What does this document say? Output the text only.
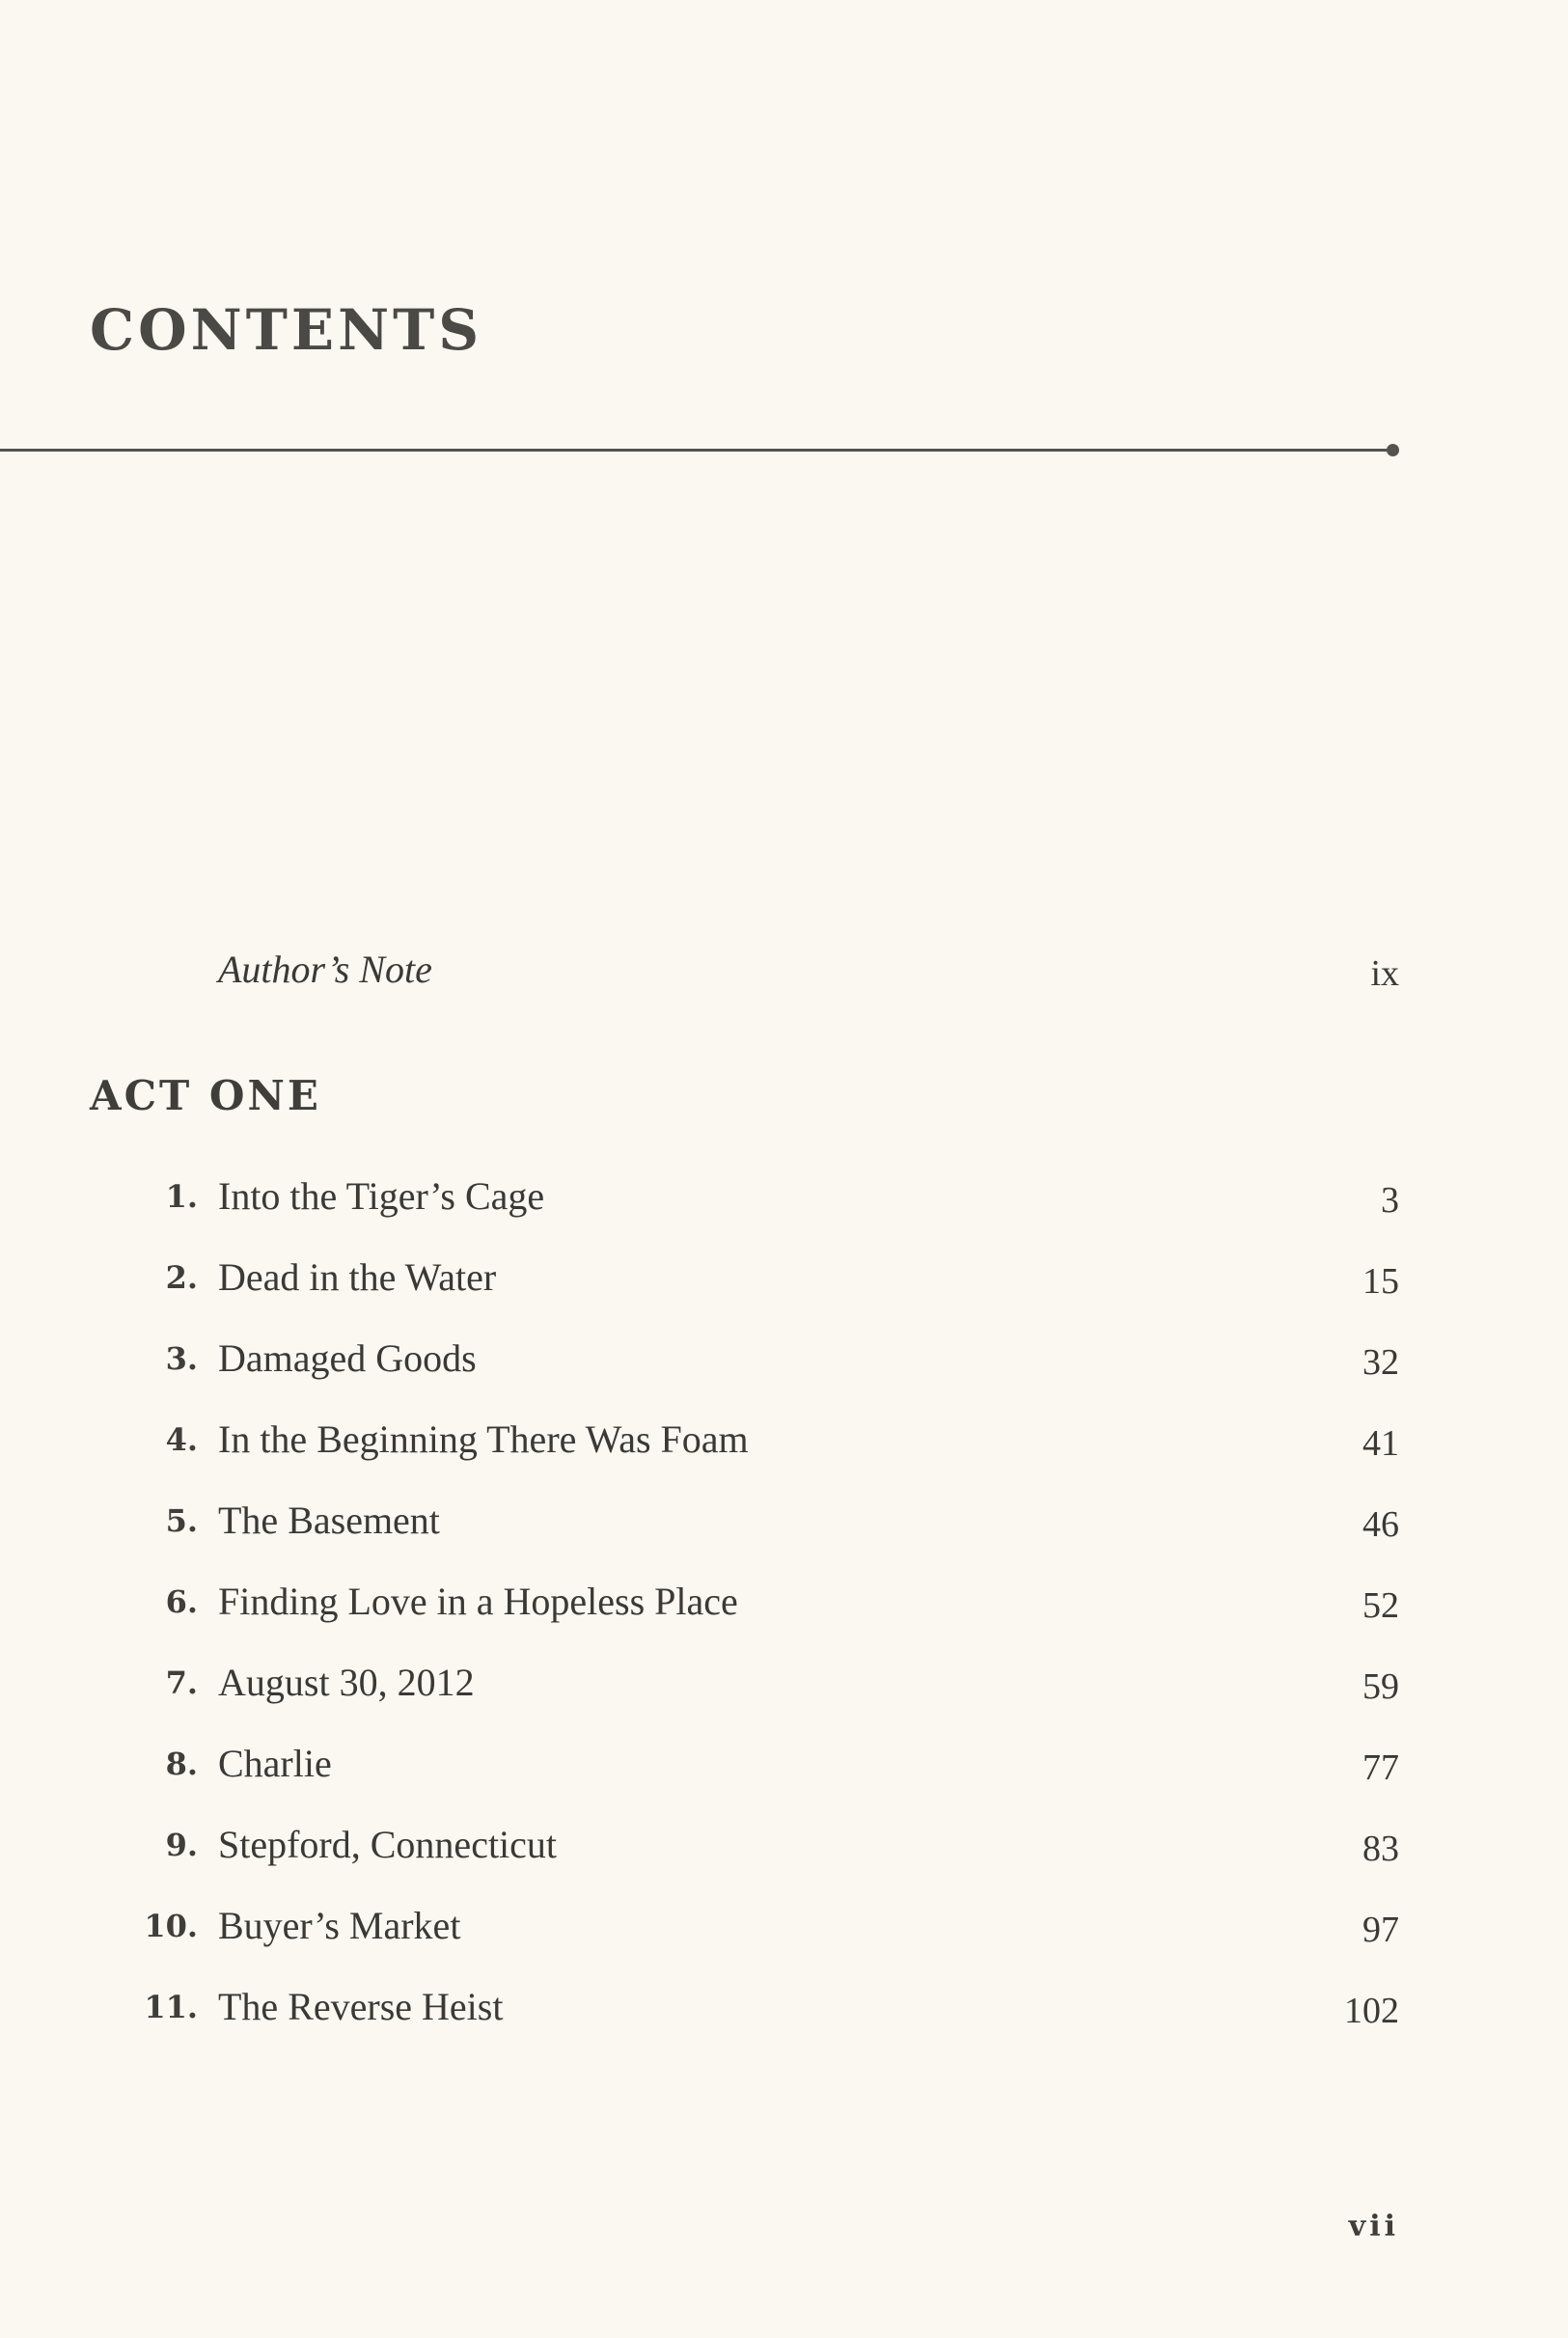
CONTENTS
Author’s Note	ix
ACT ONE
1. Into the Tiger’s Cage	3
2. Dead in the Water	15
3. Damaged Goods	32
4. In the Beginning There Was Foam	41
5. The Basement	46
6. Finding Love in a Hopeless Place	52
7. August 30, 2012	59
8. Charlie	77
9. Stepford, Connecticut	83
10. Buyer’s Market	97
11. The Reverse Heist	102
vii
